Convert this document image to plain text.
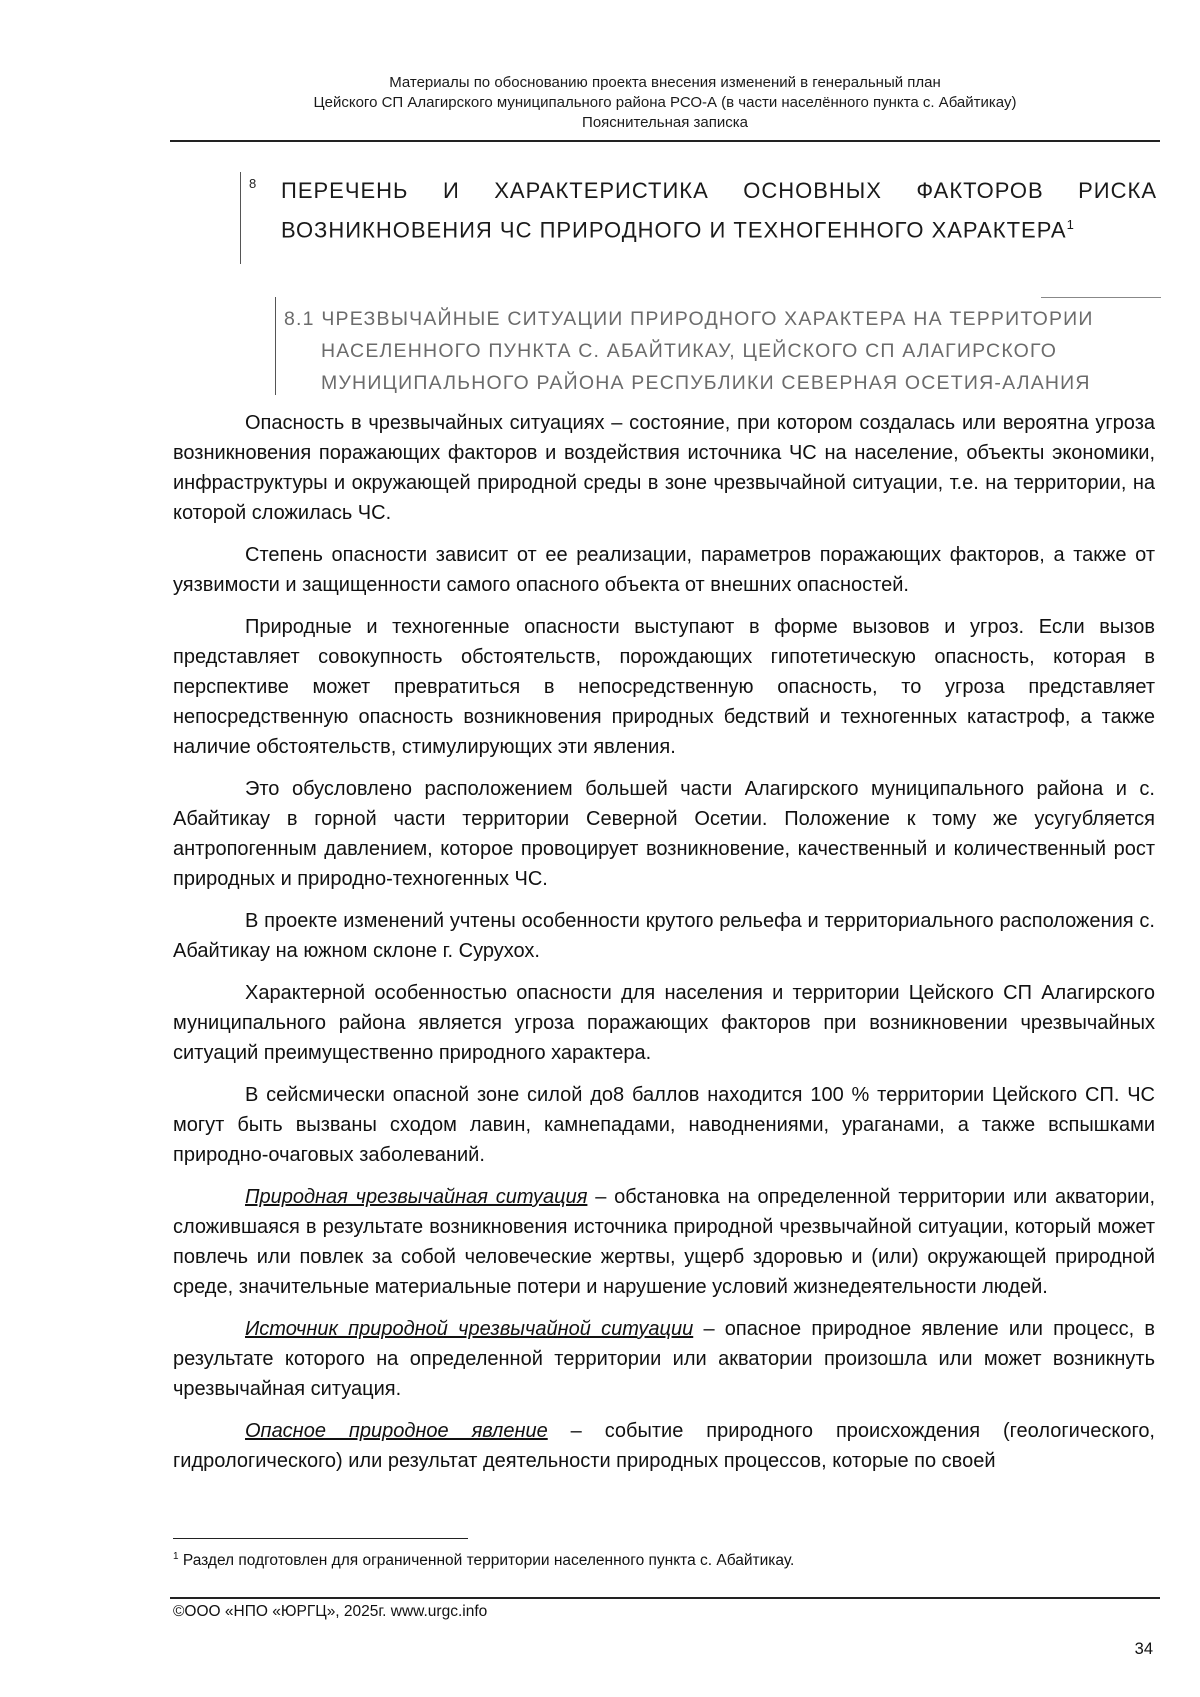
Материалы по обоснованию проекта внесения изменений в генеральный план
Цейского СП Алагирского муниципального района РСО-А (в части населённого пункта с. Абайтикау)
Пояснительная записка
8 ПЕРЕЧЕНЬ И ХАРАКТЕРИСТИКА ОСНОВНЫХ ФАКТОРОВ РИСКА ВОЗНИКНОВЕНИЯ ЧС ПРИРОДНОГО И ТЕХНОГЕННОГО ХАРАКТЕРА$^1$
8.1 ЧРЕЗВЫЧАЙНЫЕ СИТУАЦИИ ПРИРОДНОГО ХАРАКТЕРА НА ТЕРРИТОРИИ
НАСЕЛЕННОГО ПУНКТА С. АБАЙТИКАУ, ЦЕЙСКОГО СП АЛАГИРСКОГО
МУНИЦИПАЛЬНОГО РАЙОНА РЕСПУБЛИКИ СЕВЕРНАЯ ОСЕТИЯ-АЛАНИЯ

Опасность в чрезвычайных ситуациях – состояние, при котором создалась или вероятна угроза возникновения поражающих факторов и воздействия источника ЧС на население, объекты экономики, инфраструктуры и окружающей природной среды в зоне чрезвычайной ситуации, т.е. на территории, на которой сложилась ЧС.

Степень опасности зависит от ее реализации, параметров поражающих факторов, а также от уязвимости и защищенности самого опасного объекта от внешних опасностей.

Природные и техногенные опасности выступают в форме вызовов и угроз. Если вызов представляет совокупность обстоятельств, порождающих гипотетическую опасность, которая в перспективе может превратиться в непосредственную опасность, то угроза представляет непосредственную опасность возникновения природных бедствий и техногенных катастроф, а также наличие обстоятельств, стимулирующих эти явления.

Это обусловлено расположением большей части Алагирского муниципального района и с. Абайтикау в горной части территории Северной Осетии. Положение к тому же усугубляется антропогенным давлением, которое провоцирует возникновение, качественный и количественный рост природных и природно-техногенных ЧС.

В проекте изменений учтены особенности крутого рельефа и территориального расположения с. Абайтикау на южном склоне г. Сурухох.

Характерной особенностью опасности для населения и территории Цейского СП Алагирского муниципального района является угроза поражающих факторов при возникновении чрезвычайных ситуаций преимущественно природного характера.

В сейсмически опасной зоне силой до8 баллов находится 100 % территории Цейского СП. ЧС могут быть вызваны сходом лавин, камнепадами, наводнениями, ураганами, а также вспышками природно-очаговых заболеваний.

Природная чрезвычайная ситуация – обстановка на определенной территории или акватории, сложившаяся в результате возникновения источника природной чрезвычайной ситуации, который может повлечь или повлек за собой человеческие жертвы, ущерб здоровью и (или) окружающей природной среде, значительные материальные потери и нарушение условий жизнедеятельности людей.

Источник природной чрезвычайной ситуации – опасное природное явление или процесс, в результате которого на определенной территории или акватории произошла или может возникнуть чрезвычайная ситуация.

Опасное природное явление – событие природного происхождения (геологического, гидрологического) или результат деятельности природных процессов, которые по своей

$^1$ Раздел подготовлен для ограниченной территории населенного пункта с. Абайтикау.
©ООО «НПО «ЮРГЦ», 2025г. www.urgc.info
34
